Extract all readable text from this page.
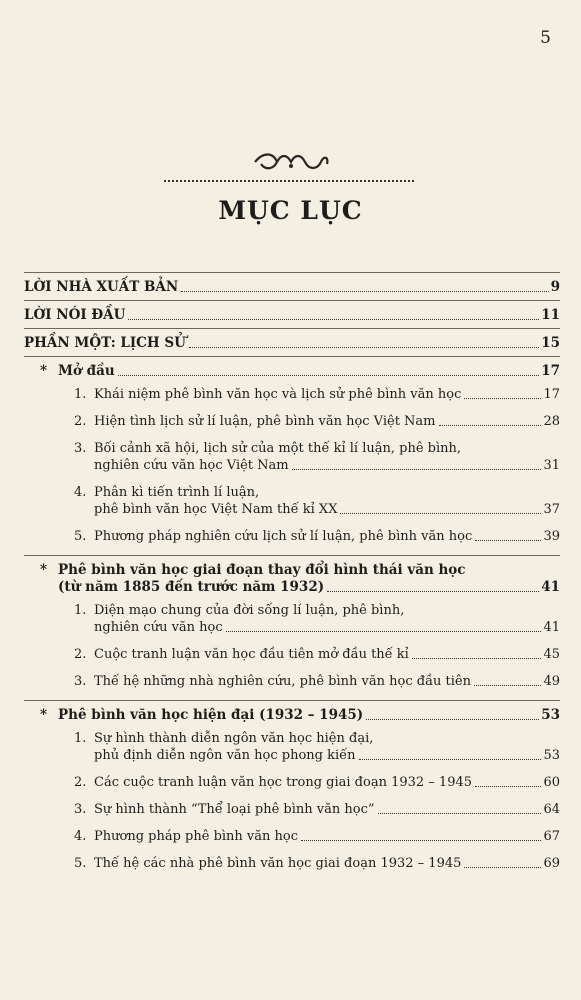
5
MỤC LỤC
LỜI NHÀ XUẤT BẢN	9
LỜI NÓI ĐẦU	11
PHẦN MỘT: LỊCH SỬ	15
* Mở đầu	17
1. Khái niệm phê bình văn học và lịch sử phê bình văn học	17
2. Hiện tình lịch sử lí luận, phê bình văn học Việt Nam	28
3. Bối cảnh xã hội, lịch sử của một thế kỉ lí luận, phê bình,
nghiên cứu văn học Việt Nam	31
4. Phân kì tiến trình lí luận,
phê bình văn học Việt Nam thế kỉ XX	37
5. Phương pháp nghiên cứu lịch sử lí luận, phê bình văn học	39
* Phê bình văn học giai đoạn thay đổi hình thái văn học
(từ năm 1885 đến trước năm 1932)	41
1. Diện mạo chung của đời sống lí luận, phê bình,
nghiên cứu văn học	41
2. Cuộc tranh luận văn học đầu tiên mở đầu thế kỉ	45
3. Thế hệ những nhà nghiên cứu, phê bình văn học đầu tiên	49
* Phê bình văn học hiện đại (1932 – 1945)	53
1. Sự hình thành diễn ngôn văn học hiện đại,
phủ định diễn ngôn văn học phong kiến	53
2. Các cuộc tranh luận văn học trong giai đoạn 1932 – 1945	60
3. Sự hình thành “Thể loại phê bình văn học”	64
4. Phương pháp phê bình văn học	67
5. Thế hệ các nhà phê bình văn học giai đoạn 1932 – 1945	69
